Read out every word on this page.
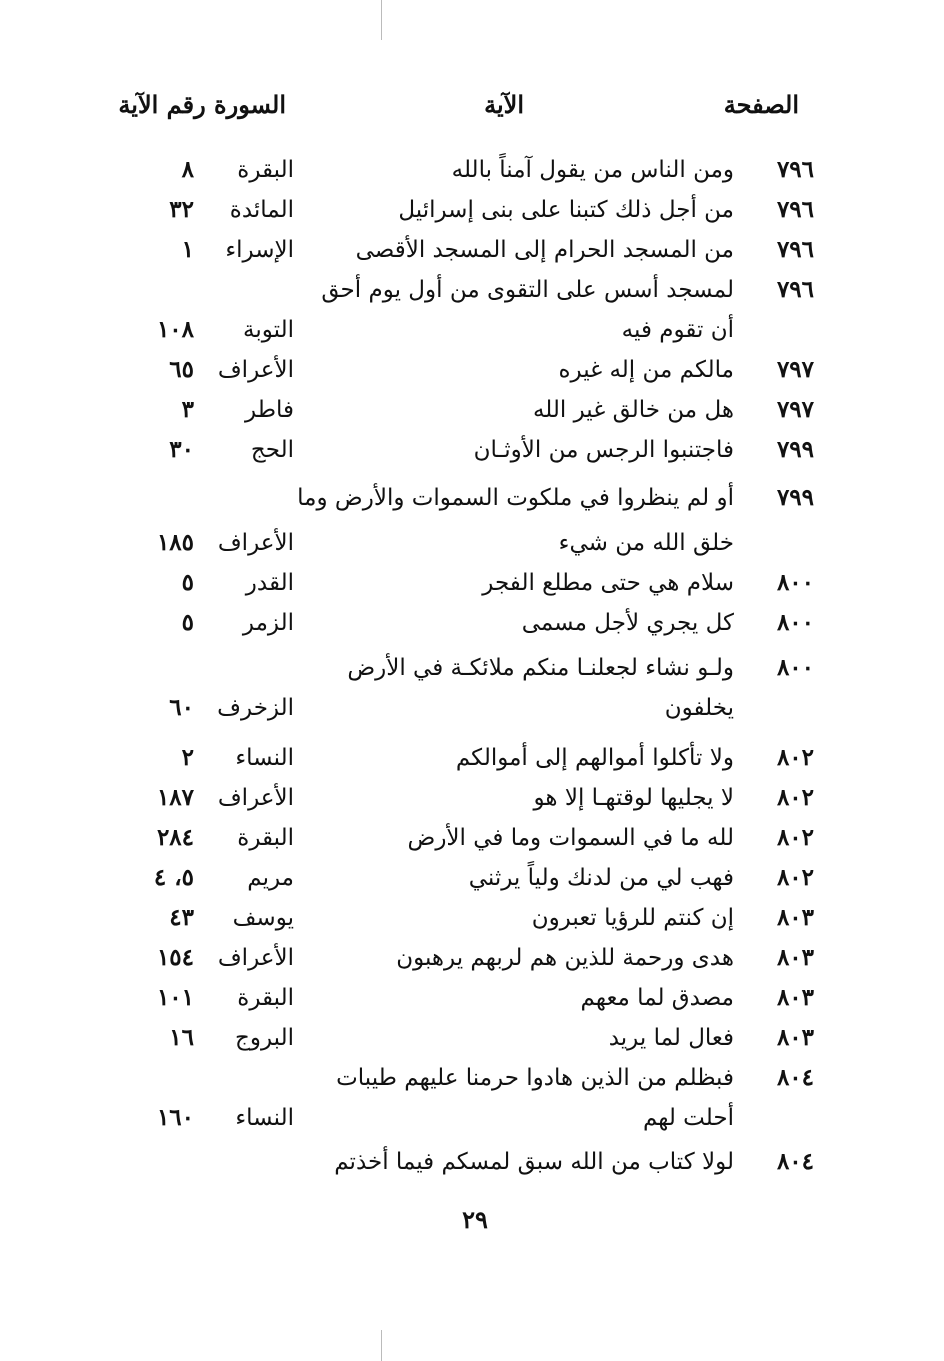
الصفحة
الآية
السورة رقم الآية
٧٩٦
ومن الناس من يقول آمناً بالله
البقرة
٨
٧٩٦
من أجل ذلك كتبنا على بنى إسرائيل
المائدة
٣٢
٧٩٦
من المسجد الحرام إلى المسجد الأقصى
الإسراء
١
٧٩٦
لمسجد أسس على التقوى من أول يوم أحق
أن تقوم فيه
التوبة
١٠٨
٧٩٧
مالكم من إله غيره
الأعراف
٦٥
٧٩٧
هل من خالق غير الله
فاطر
٣
٧٩٩
فاجتنبوا الرجس من الأوثـان
الحج
٣٠
٧٩٩
أو لم ينظروا في ملكوت السموات والأرض وما
خلق الله من شيء
الأعراف
١٨٥
٨٠٠
سلام هي حتى مطلع الفجر
القدر
٥
٨٠٠
كل يجري لأجل مسمى
الزمر
٥
٨٠٠
ولـو نشاء لجعلنـا منكم ملائكـة في الأرض
يخلفون
الزخرف
٦٠
٨٠٢
ولا تأكلوا أموالهم إلى أموالكم
النساء
٢
٨٠٢
لا يجليها لوقتهـا إلا هو
الأعراف
١٨٧
٨٠٢
لله ما في السموات وما في الأرض
البقرة
٢٨٤
٨٠٢
فهب لي من لدنك ولياً يرثني
مريم
٥، ٤
٨٠٣
إن كنتم للرؤيا تعبرون
يوسف
٤٣
٨٠٣
هدى ورحمة للذين هم لربهم يرهبون
الأعراف
١٥٤
٨٠٣
مصدق لما معهم
البقرة
١٠١
٨٠٣
فعال لما يريد
البروج
١٦
٨٠٤
فبظلم من الذين هادوا حرمنا عليهم طيبات
أحلت لهم
النساء
١٦٠
٨٠٤
لولا كتاب من الله سبق لمسكم فيما أخذتم
٢٩
